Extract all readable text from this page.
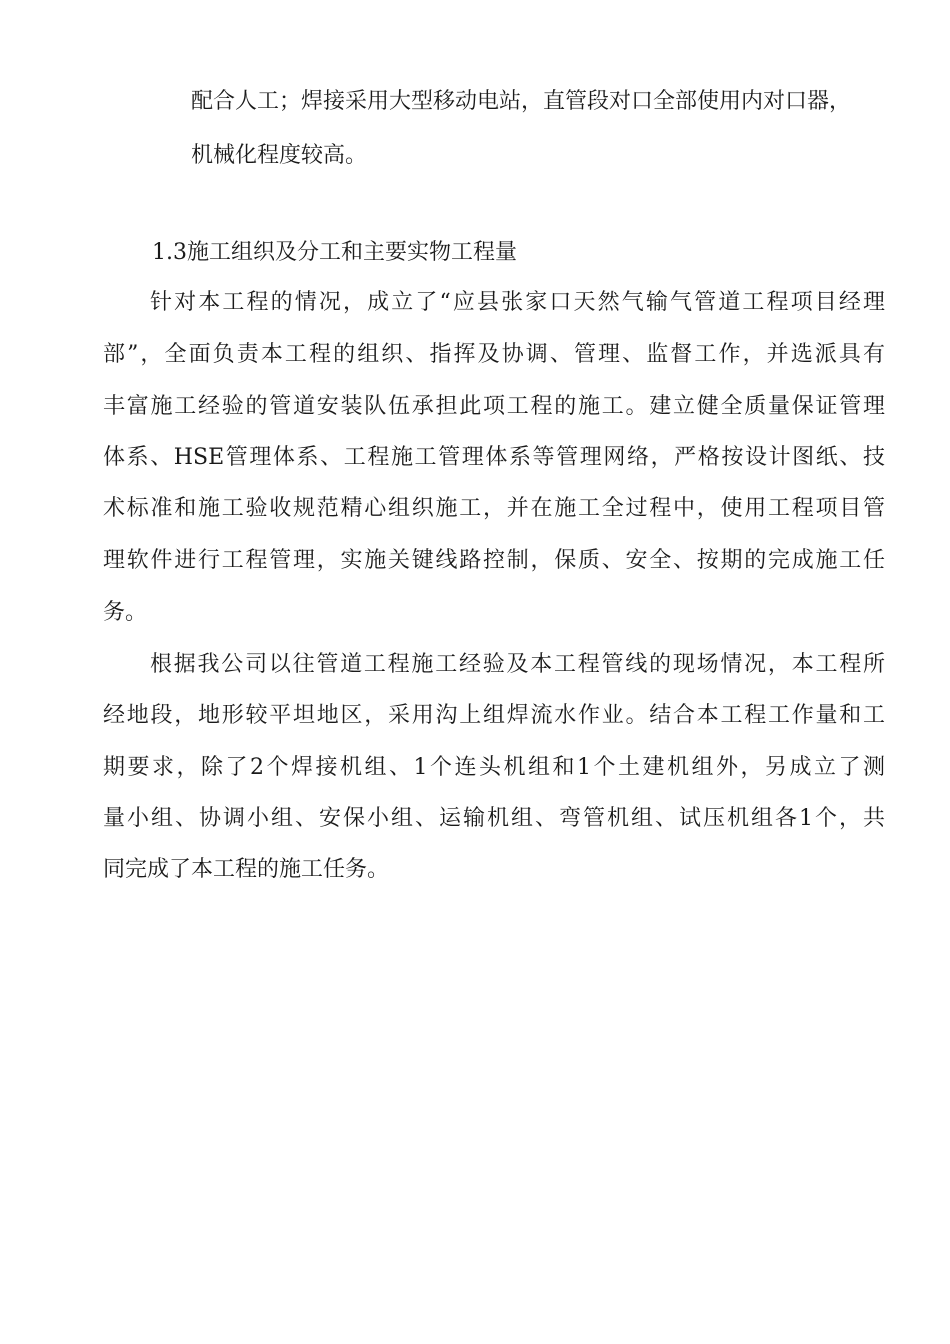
配合人工；焊接采用大型移动电站，直管段对口全部使用内对口器，
机械化程度较高。
1.3施工组织及分工和主要实物工程量
针对本工程的情况，成立了“应县张家口天然气输气管道工程项目经理
部”，全面负责本工程的组织、指挥及协调、管理、监督工作，并选派具有
丰富施工经验的管道安装队伍承担此项工程的施工。建立健全质量保证管理
体系、HSE管理体系、工程施工管理体系等管理网络，严格按设计图纸、技
术标准和施工验收规范精心组织施工，并在施工全过程中，使用工程项目管
理软件进行工程管理，实施关键线路控制，保质、安全、按期的完成施工任
务。
根据我公司以往管道工程施工经验及本工程管线的现场情况，本工程所
经地段，地形较平坦地区，采用沟上组焊流水作业。结合本工程工作量和工
期要求，除了2个焊接机组、1个连头机组和1个土建机组外，另成立了测
量小组、协调小组、安保小组、运输机组、弯管机组、试压机组各1个，共
同完成了本工程的施工任务。
